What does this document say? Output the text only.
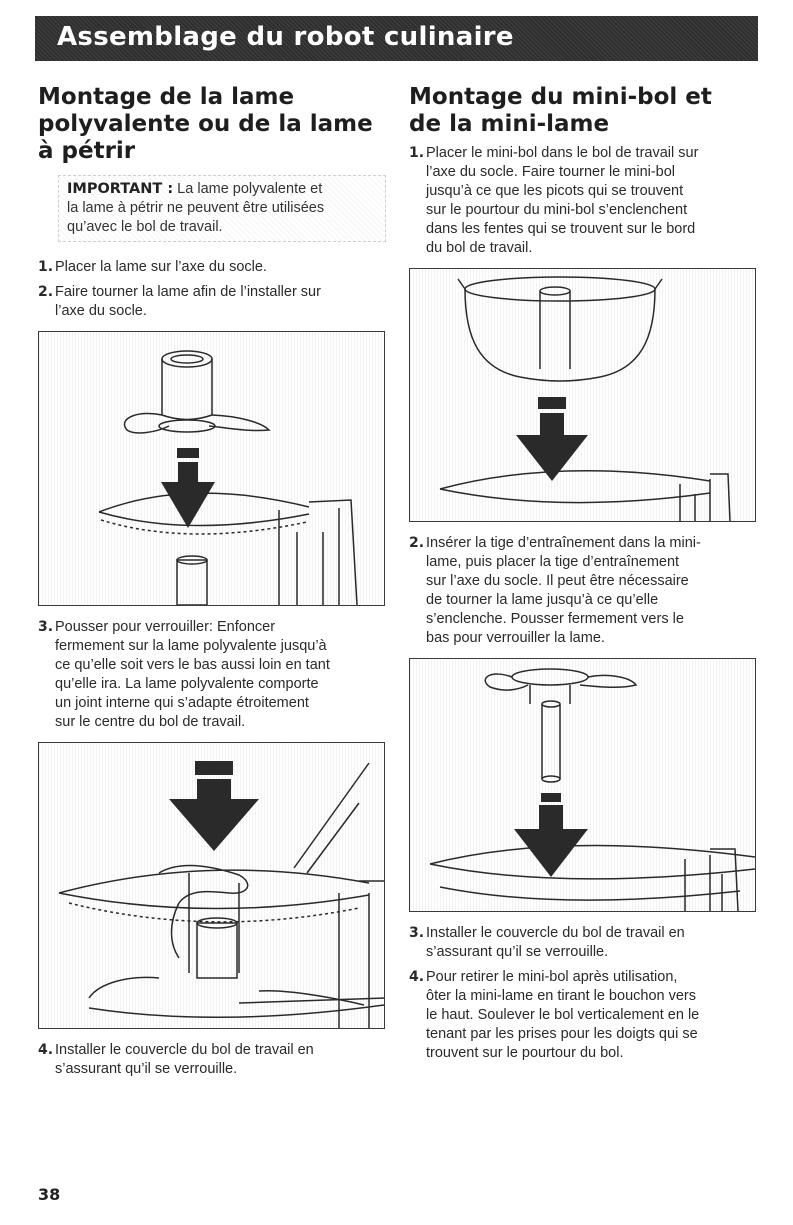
Assemblage du robot culinaire
Montage de la lame
polyvalente ou de la lame
à pétrir
IMPORTANT : La lame polyvalente et
la lame à pétrir ne peuvent être utilisées
qu’avec le bol de travail.
1. Placer la lame sur l’axe du socle.
2. Faire tourner la lame afin de l’installer sur
l’axe du socle.
3. Pousser pour verrouiller: Enfoncer
fermement sur la lame polyvalente jusqu’à
ce qu’elle soit vers le bas aussi loin en tant
qu’elle ira. La lame polyvalente comporte
un joint interne qui s’adapte étroitement
sur le centre du bol de travail.
4. Installer le couvercle du bol de travail en
s’assurant qu’il se verrouille.
Montage du mini-bol et
de la mini-lame
1. Placer le mini-bol dans le bol de travail sur
l’axe du socle. Faire tourner le mini-bol
jusqu’à ce que les picots qui se trouvent
sur le pourtour du mini-bol s’enclenchent
dans les fentes qui se trouvent sur le bord
du bol de travail.
2. Insérer la tige d’entraînement dans la mini-
lame, puis placer la tige d’entraînement
sur l’axe du socle. Il peut être nécessaire
de tourner la lame jusqu’à ce qu’elle
s’enclenche. Pousser fermement vers le
bas pour verrouiller la lame.
3. Installer le couvercle du bol de travail en
s’assurant qu’il se verrouille.
4. Pour retirer le mini-bol après utilisation,
ôter la mini-lame en tirant le bouchon vers
le haut. Soulever le bol verticalement en le
tenant par les prises pour les doigts qui se
trouvent sur le pourtour du bol.
38
